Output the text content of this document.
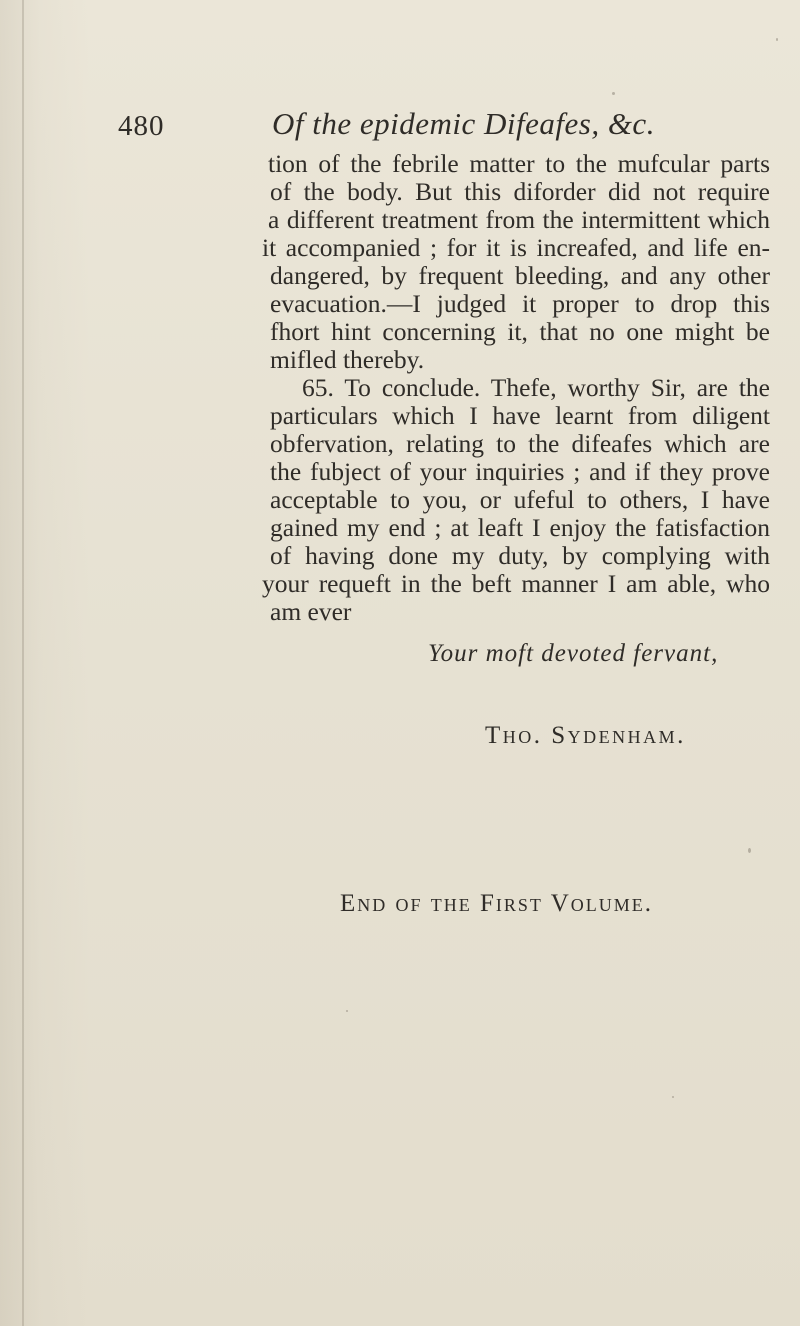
480	Of the epidemic Difeafes, &c.
tion of the febrile matter to the mufcular parts
of the body. But this diforder did not require
a different treatment from the intermittent which
it accompanied ; for it is increafed, and life en-
dangered, by frequent bleeding, and any other
evacuation.—I judged it proper to drop this
fhort hint concerning it, that no one might be
mifled thereby.
65. To conclude. Thefe, worthy Sir, are the
particulars which I have learnt from diligent
obfervation, relating to the difeafes which are
the fubject of your inquiries ; and if they prove
acceptable to you, or ufeful to others, I have
gained my end ; at leaft I enjoy the fatisfaction
of having done my duty, by complying with
your requeft in the beft manner I am able, who
am ever
Your moft devoted fervant,
Tho. Sydenham.
End of the First Volume.
